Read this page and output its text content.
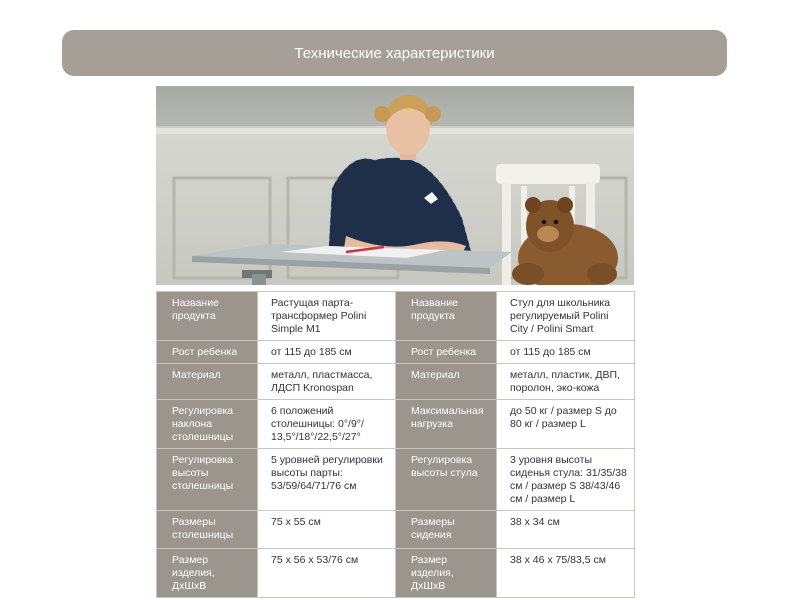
Технические характеристики
Название продукта	Растущая парта-трансформер Polini Simple M1	Название продукта	Стул для школьника регулируемый Polini City / Polini Smart
Рост ребенка	от 115 до 185 см	Рост ребенка	от 115 до 185 см
Материал	металл, пластмасса, ЛДСП Kronospan	Материал	металл, пластик, ДВП, поролон, эко-кожа
Регулировка наклона столешницы	6 положений столешницы: 0°/9°/ 13,5°/18°/22,5°/27°	Максимальная нагрузка	до 50 кг / размер S до 80 кг / размер L
Регулировка высоты столешницы	5 уровней регулировки высоты парты: 53/59/64/71/76 см	Регулировка высоты стула	3 уровня высоты сиденья стула: 31/35/38 см / размер S 38/43/46 см / размер L
Размеры столешницы	75 х 55 см	Размеры сидения	38 х 34 см
Размер изделия, ДхШхВ	75 х 56 х 53/76 см	Размер изделия, ДхШхВ	38 х 46 х 75/83,5 см
